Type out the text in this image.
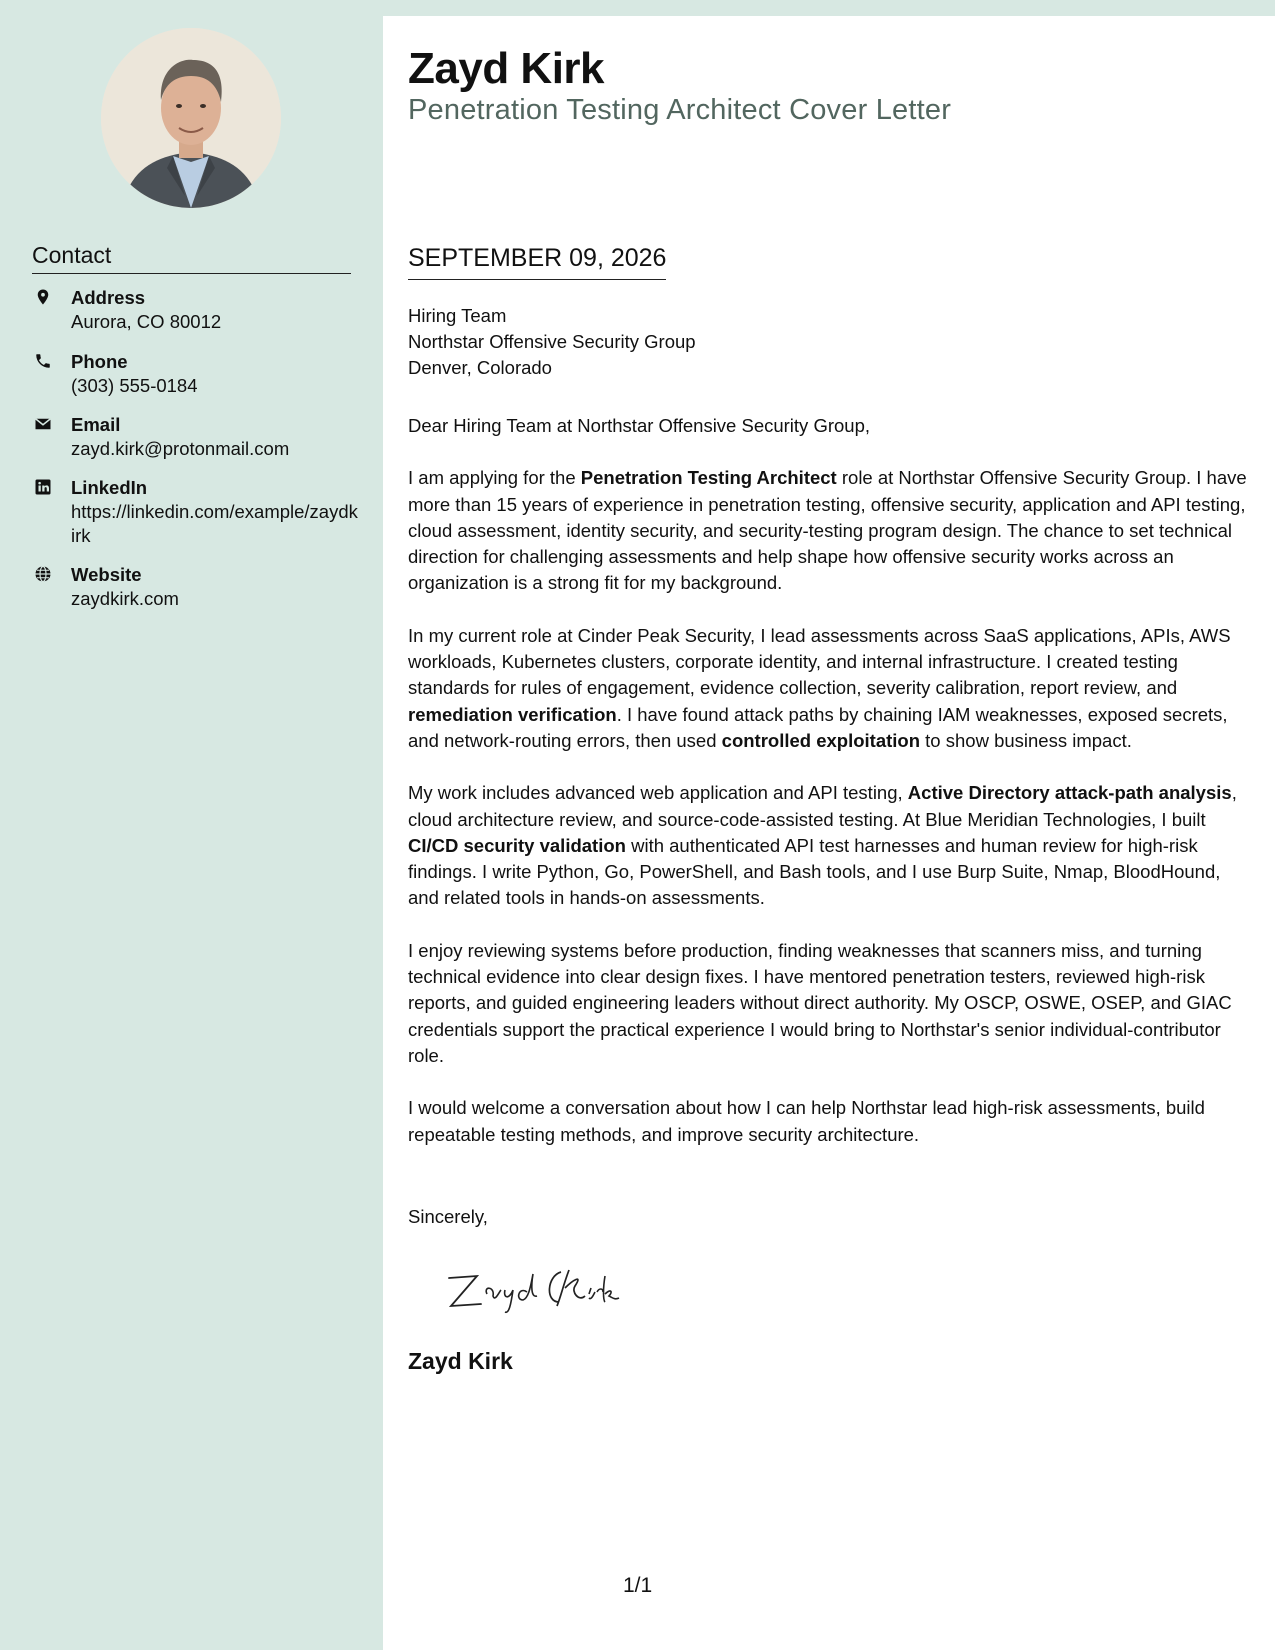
Contact
Address
Aurora, CO 80012
Phone
(303) 555-0184
Email
zayd.kirk@protonmail.com
LinkedIn
https://linkedin.com/example/zaydkirk
Website
zaydkirk.com
Zayd Kirk
Penetration Testing Architect Cover Letter
SEPTEMBER 09, 2026
Hiring Team
Northstar Offensive Security Group
Denver, Colorado

Dear Hiring Team at Northstar Offensive Security Group,

I am applying for the Penetration Testing Architect role at Northstar Offensive Security Group. I have more than 15 years of experience in penetration testing, offensive security, application and API testing, cloud assessment, identity security, and security-testing program design. The chance to set technical direction for challenging assessments and help shape how offensive security works across an organization is a strong fit for my background.

In my current role at Cinder Peak Security, I lead assessments across SaaS applications, APIs, AWS workloads, Kubernetes clusters, corporate identity, and internal infrastructure. I created testing standards for rules of engagement, evidence collection, severity calibration, report review, and remediation verification. I have found attack paths by chaining IAM weaknesses, exposed secrets, and network-routing errors, then used controlled exploitation to show business impact.

My work includes advanced web application and API testing, Active Directory attack-path analysis, cloud architecture review, and source-code-assisted testing. At Blue Meridian Technologies, I built CI/CD security validation with authenticated API test harnesses and human review for high-risk findings. I write Python, Go, PowerShell, and Bash tools, and I use Burp Suite, Nmap, BloodHound, and related tools in hands-on assessments.

I enjoy reviewing systems before production, finding weaknesses that scanners miss, and turning technical evidence into clear design fixes. I have mentored penetration testers, reviewed high-risk reports, and guided engineering leaders without direct authority. My OSCP, OSWE, OSEP, and GIAC credentials support the practical experience I would bring to Northstar's senior individual-contributor role.

I would welcome a conversation about how I can help Northstar lead high-risk assessments, build repeatable testing methods, and improve security architecture.

Sincerely,
Zayd Kirk
1/1
